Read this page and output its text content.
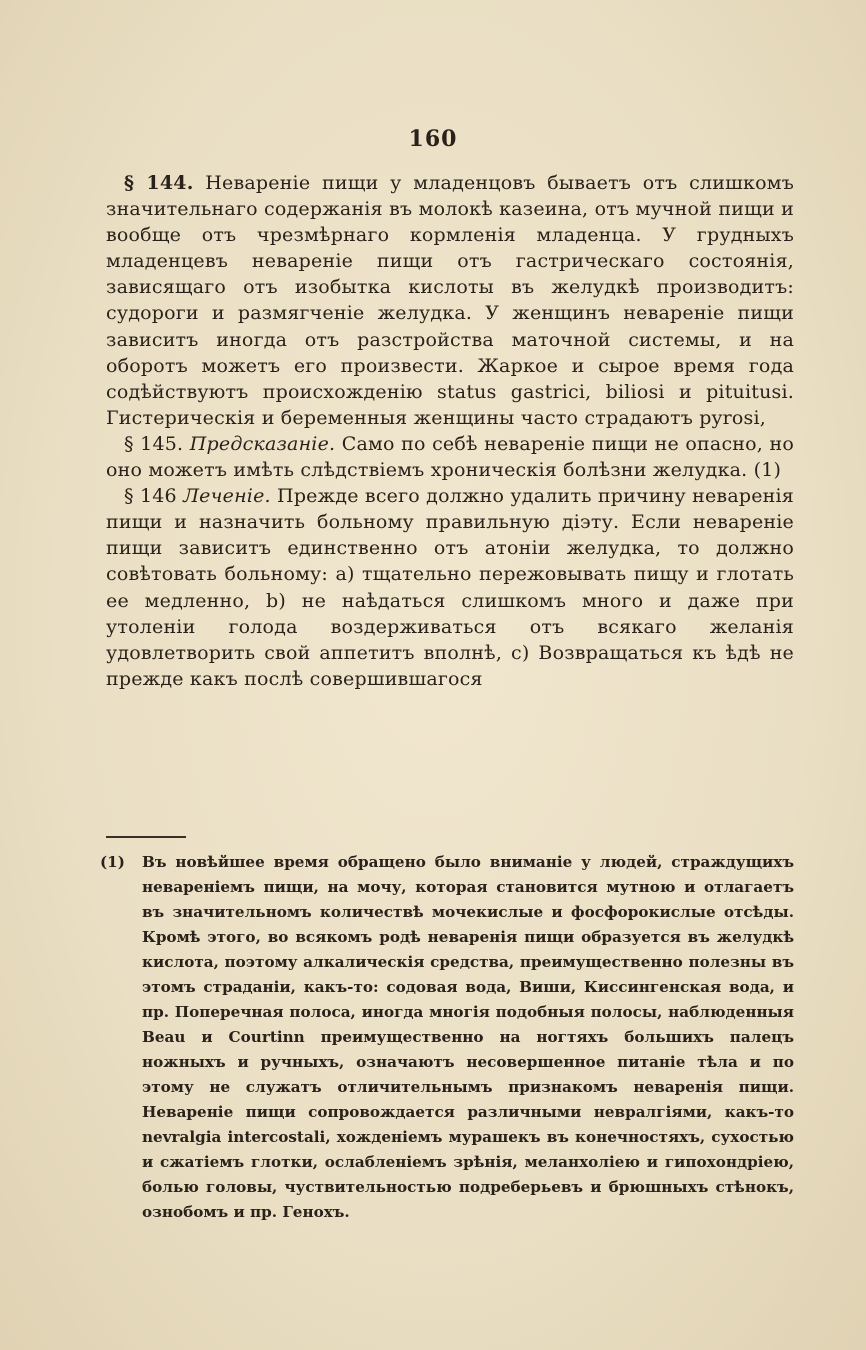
160

§ 144. Неваренiе пищи у младенцовъ бываетъ отъ слишкомъ значительнаго содержанiя въ молокѣ казеина, отъ мучной пищи и вообще отъ чрезмѣрнаго кормленiя младенца. У грудныхъ младенцевъ неваренiе пищи отъ гастрическаго состоянiя, зависящаго отъ изобытка кислоты въ желудкѣ производитъ: судороги и размягченiе желудка. У женщинъ неваренiе пищи зависитъ иногда отъ разстройства маточной системы, и на оборотъ можетъ его произвести. Жаркое и сырое время года содѣйствуютъ происхожденiю status gastrici, biliosi и pituitusi. Гистерическiя и беременныя женщины часто страдаютъ pyrosi,

§ 145. Предсказанiе. Само по себѣ неваренiе пищи не опасно, но оно можетъ имѣть слѣдствiемъ хроническiя болѣзни желудка. (1)

§ 146 Леченiе. Прежде всего должно удалить причину неваренiя пищи и назначить больному правильную дiэту. Если неваренiе пищи зависитъ единственно отъ атонiи желудка, то должно совѣтовать больному: a) тщательно пережовывать пищу и глотать ее медленно, b) не наѣдаться слишкомъ много и даже при утоленiи голода воздерживаться отъ всякаго желанiя удовлетворить свой аппетитъ вполнѣ, c) Возвращаться къ ѣдѣ не прежде какъ послѣ совершившагося

(1) Въ новѣйшее время обращено было вниманiе у людей, страждущихъ неваренiемъ пищи, на мочу, которая становится мутною и отлагаетъ въ значительномъ количествѣ мочекислые и фосфорокислые отсѣды. Кромѣ этого, во всякомъ родѣ неваренiя пищи образуется въ желудкѣ кислота, поэтому алкалическiя средства, преимущественно полезны въ этомъ страданiи, какъ-то: содовая вода, Виши, Киссингенская вода, и пр. Поперечная полоса, иногда многiя подобныя полосы, наблюденныя Beau и Courtinn преимущественно на ногтяхъ большихъ палецъ ножныхъ и ручныхъ, означаютъ несовершенное питанiе тѣла и по этому не служатъ отличительнымъ признакомъ неваренiя пищи. Неваренiе пищи сопровождается различными невралгiями, какъ-то nevralgia intercostali, хожденiемъ мурашекъ въ конечностяхъ, сухостью и сжатiемъ глотки, ослабленiемъ зрѣнiя, меланхолiею и гипохондрiею, болью головы, чуствительностью подреберьевъ и брюшныхъ стѣнокъ, ознобомъ и пр. Генохъ.
